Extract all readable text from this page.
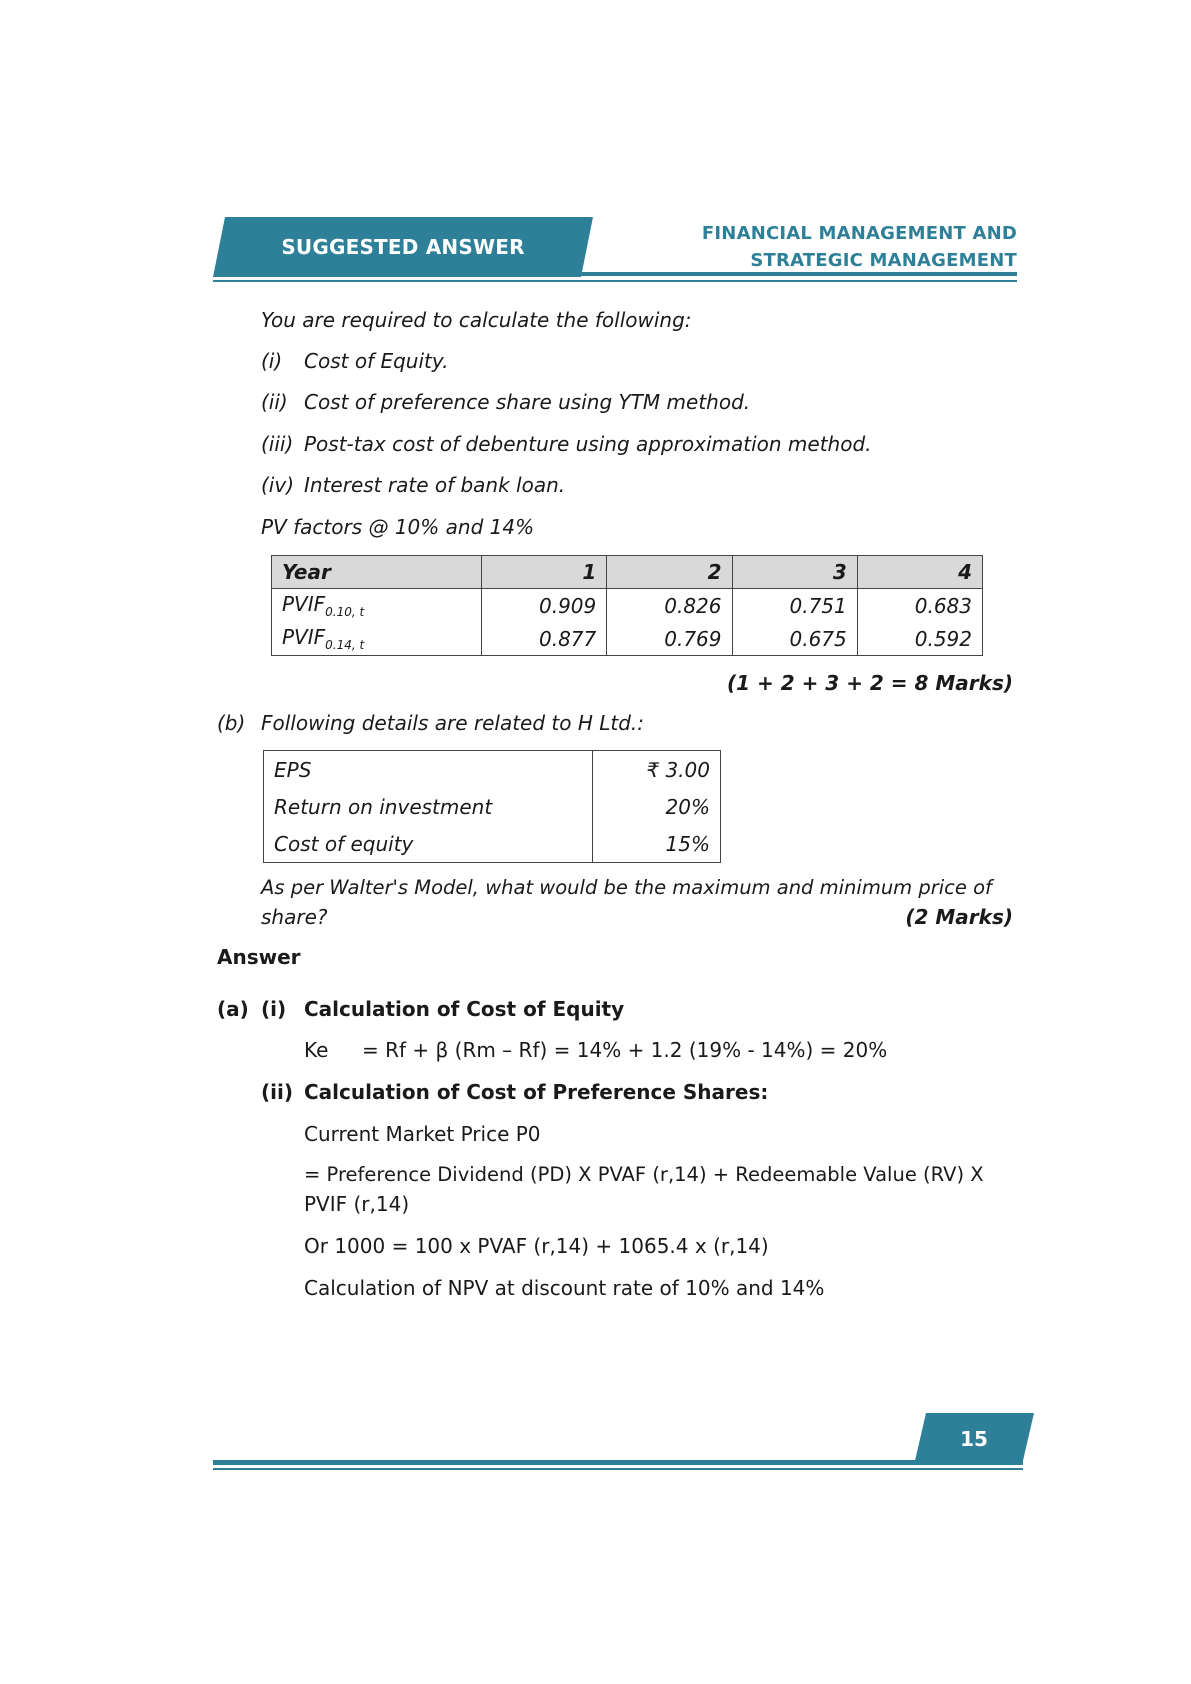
SUGGESTED ANSWER
FINANCIAL MANAGEMENT AND
STRATEGIC MANAGEMENT
You are required to calculate the following:
(i) Cost of Equity.
(ii) Cost of preference share using YTM method.
(iii) Post-tax cost of debenture using approximation method.
(iv) Interest rate of bank loan.
PV factors @ 10% and 14%
Year	1	2	3	4
$PVIF_{0.10, t}$	0.909	0.826	0.751	0.683
$PVIF_{0.14, t}$	0.877	0.769	0.675	0.592
(1 + 2 + 3 + 2 = 8 Marks)
(b) Following details are related to H Ltd.:
EPS	₹ 3.00
Return on investment	20%
Cost of equity	15%
As per Walter's Model, what would be the maximum and minimum price of
share?	(2 Marks)
Answer
(a) (i) Calculation of Cost of Equity
Ke = Rf + β (Rm – Rf) = 14% + 1.2 (19% - 14%) = 20%
(ii) Calculation of Cost of Preference Shares:
Current Market Price P0
= Preference Dividend (PD) X PVAF (r,14) + Redeemable Value (RV) X
PVIF (r,14)
Or 1000 = 100 x PVAF (r,14) + 1065.4 x (r,14)
Calculation of NPV at discount rate of 10% and 14%
15
